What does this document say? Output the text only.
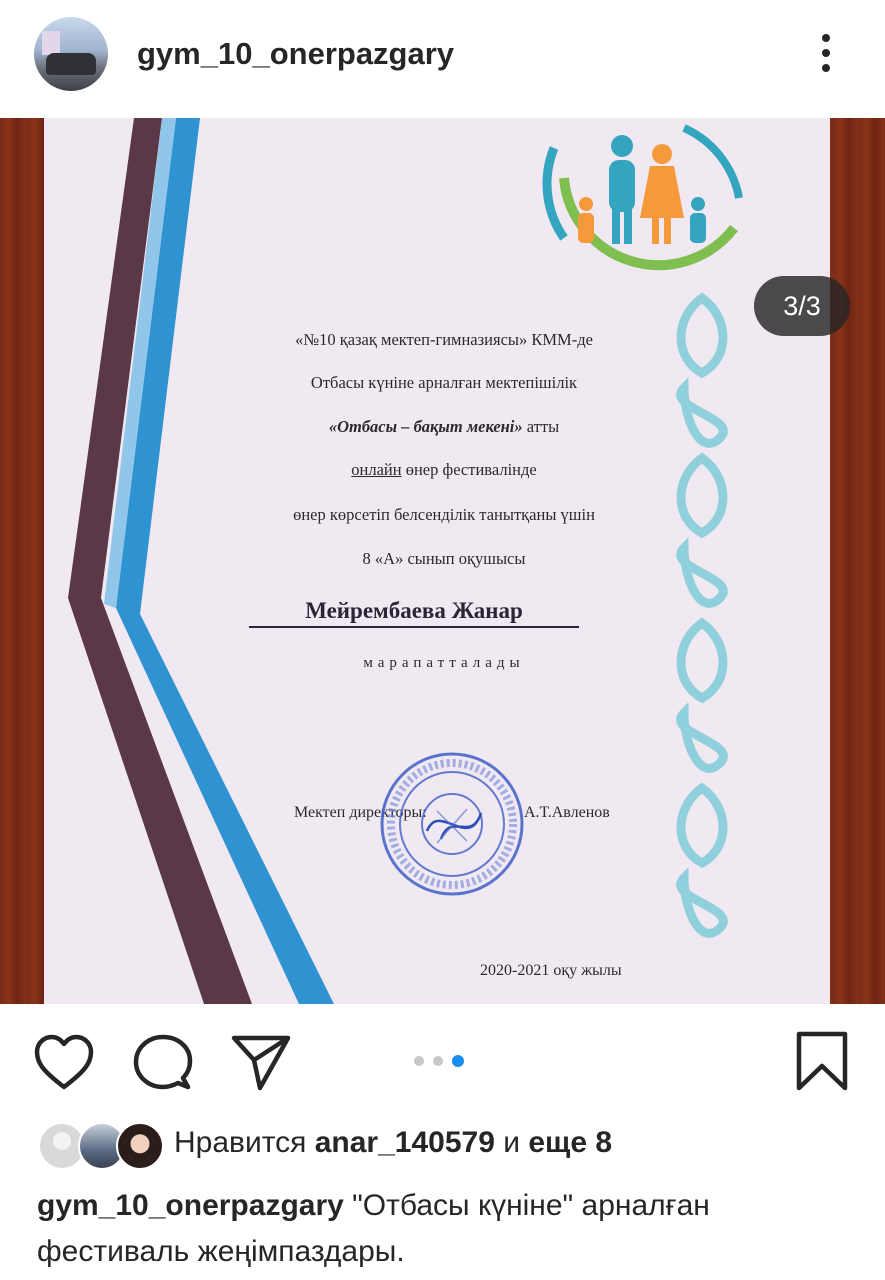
gym_10_onerpazgary
«№10 қазақ мектеп-гимназиясы» КММ-де
Отбасы күніне арналған мектепішілік
«Отбасы – бақыт мекені» атты
онлайн өнер фестивалінде
өнер көрсетіп белсенділік танытқаны үшін
8 «А» сынып оқушысы
Мейрембаева Жанар
марапатталады
Мектеп директоры:	А.Т.Авленов
2020-2021 оқу жылы
3/3
Нравится anar_140579 и еще 8
gym_10_onerpazgary "Отбасы күніне" арналған фестиваль жеңімпаздары.
